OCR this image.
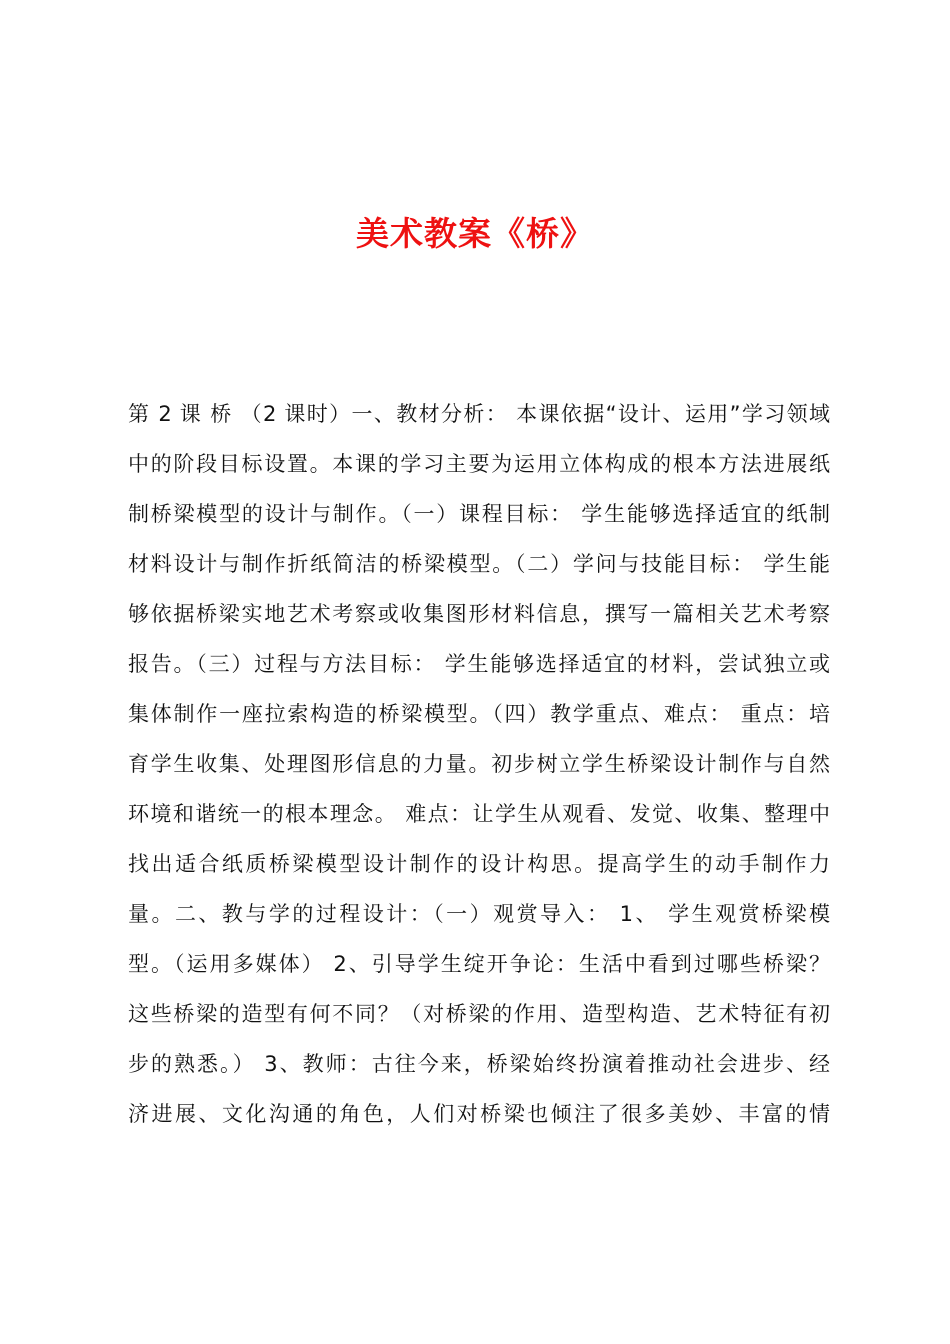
美术教案《桥》
第 2 课 桥 （2 课时）一、教材分析： 本课依据“设计、运用”学习领域
中的阶段目标设置。本课的学习主要为运用立体构成的根本方法进展纸
制桥梁模型的设计与制作。（一）课程目标： 学生能够选择适宜的纸制
材料设计与制作折纸简洁的桥梁模型。（二）学问与技能目标： 学生能
够依据桥梁实地艺术考察或收集图形材料信息，撰写一篇相关艺术考察
报告。（三）过程与方法目标： 学生能够选择适宜的材料，尝试独立或
集体制作一座拉索构造的桥梁模型。（四）教学重点、难点： 重点：培
育学生收集、处理图形信息的力量。初步树立学生桥梁设计制作与自然
环境和谐统一的根本理念。 难点：让学生从观看、发觉、收集、整理中
找出适合纸质桥梁模型设计制作的设计构思。提高学生的动手制作力
量。二、教与学的过程设计：（一）观赏导入： 1、 学生观赏桥梁模
型。（运用多媒体） 2、引导学生绽开争论：生活中看到过哪些桥梁？
这些桥梁的造型有何不同？（对桥梁的作用、造型构造、艺术特征有初
步的熟悉。） 3、教师：古往今来，桥梁始终扮演着推动社会进步、经
济进展、文化沟通的角色，人们对桥梁也倾注了很多美妙、丰富的情
